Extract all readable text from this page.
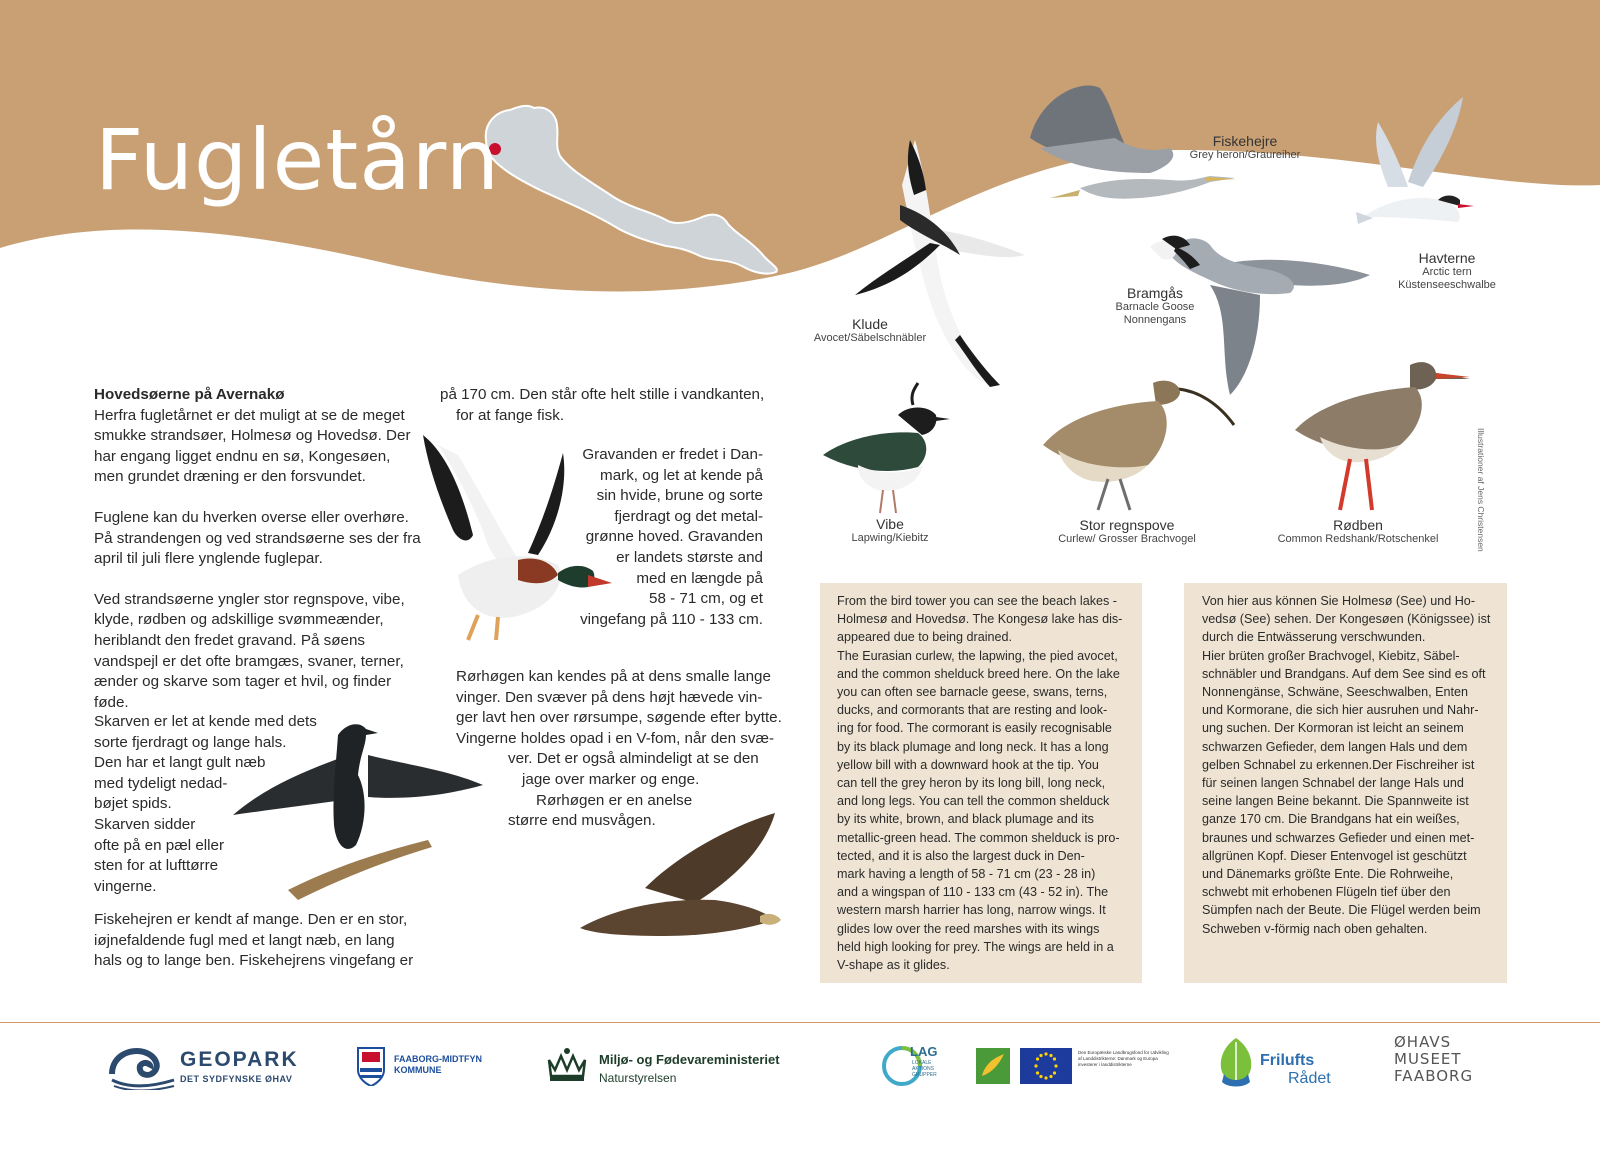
Fugletårn	Fiskehejre
Grey heron/Graureiher
Havterne
Arctic tern
Küstenseeschwalbe
Bramgås
Barnacle Goose
Nonnengans
Klude
Avocet/Säbelschnäbler
Vibe
Lapwing/Kiebitz
Stor regnspove
Curlew/ Grosser Brachvogel
Rødben
Common Redshank/Rotschenkel	Illustrationer af Jens Christensen

Hovedsøerne på Avernakø

Herfra fugletårnet er det muligt at se de meget smukke strandsøer, Holmesø og Hovedsø. Der har engang ligget endnu en sø, Kongesøen, men grundet dræning er den forsvundet.

Fuglene kan du hverken overse eller overhøre. På strandengen og ved strandsøerne ses der fra april til juli flere ynglende fuglepar.

Ved strandsøerne yngler stor regnspove, vibe, klyde, rødben og adskillige svømmeænder, heriblandt den fredet gravand. På søens vandspejl er det ofte bramgæs, svaner, terner, ænder og skarve som tager et hvil, og finder føde.

Skarven er let at kende med dets
sorte fjerdragt og lange hals.
Den har et langt gult næb
med tydeligt nedad-
bøjet spids.
Skarven sidder
ofte på en pæl eller
sten for at lufttørre
vingerne.
Fiskehejren er kendt af mange. Den er en stor, iøjnefaldende fugl med et langt næb, en lang hals og to lange ben. Fiskehejrens vingefang er
på 170 cm. Den står ofte helt stille i vandkanten,
for at fange fisk.
Gravanden er fredet i Dan-
mark, og let at kende på
sin hvide, brune og sorte
fjerdragt og det metal-
grønne hoved. Gravanden
er landets største and
med en længde på
58 - 71 cm, og et
vingefang på 110 - 133 cm.
Rørhøgen kan kendes på at dens smalle lange
vinger. Den svæver på dens højt hævede vin-
ger lavt hen over rørsumpe, søgende efter bytte.
Vingerne holdes opad i en V-fom, når den svæ-
ver. Det er også almindeligt at se den
jage over marker og enge.
Rørhøgen er en anelse
større end musvågen.
From the bird tower you can see the beach lakes -
Holmesø and Hovedsø. The Kongesø lake has dis-
appeared due to being drained.
The Eurasian curlew, the lapwing, the pied avocet,
and the common shelduck breed here. On the lake
you can often see barnacle geese, swans, terns,
ducks, and cormorants that are resting and look-
ing for food. The cormorant is easily recognisable
by its black plumage and long neck. It has a long
yellow bill with a downward hook at the tip. You
can tell the grey heron by its long bill, long neck,
and long legs. You can tell the common shelduck
by its white, brown, and black plumage and its
metallic-green head. The common shelduck is pro-
tected, and it is also the largest duck in Den-
mark having a length of 58 - 71 cm (23 - 28 in)
and a wingspan of 110 - 133 cm (43 - 52 in). The
western marsh harrier has long, narrow wings. It
glides low over the reed marshes with its wings
held high looking for prey. The wings are held in a
V-shape as it glides.
Von hier aus können Sie Holmesø (See) und Ho-
vedsø (See) sehen. Der Kongesøen (Königssee) ist
durch die Entwässerung verschwunden.
Hier brüten großer Brachvogel, Kiebitz, Säbel-
schnäbler und Brandgans. Auf dem See sind es oft
Nonnengänse, Schwäne, Seeschwalben, Enten
und Kormorane, die sich hier ausruhen und Nahr-
ung suchen. Der Kormoran ist leicht an seinem
schwarzen Gefieder, dem langen Hals und dem
gelben Schnabel zu erkennen.Der Fischreiher ist
für seinen langen Schnabel der lange Hals und
seine langen Beine bekannt. Die Spannweite ist
ganze 170 cm. Die Brandgans hat ein weißes,
braunes und schwarzes Gefieder und einen met-
allgrünen Kopf. Dieser Entenvogel ist geschützt
und Dänemarks größte Ente. Die Rohrweihe,
schwebt mit erhobenen Flügeln tief über den
Sümpfen nach der Beute. Die Flügel werden beim
Schweben v-förmig nach oben gehalten.
GEOPARK
DET SYDFYNSKE ØHAV
FAABORG-MIDTFYN
KOMMUNE
Miljø- og Fødevareministeriet
Naturstyrelsen
LAG
LOKALE
AKTIONS
GRUPPER
Den Europæiske Landbrugsfond for Udvikling af Landdistrikterne: Danmark og Europa investerer i landdistrikterne	Frilufts
Rådet
ØHAVS
MUSEET
FAABORG
